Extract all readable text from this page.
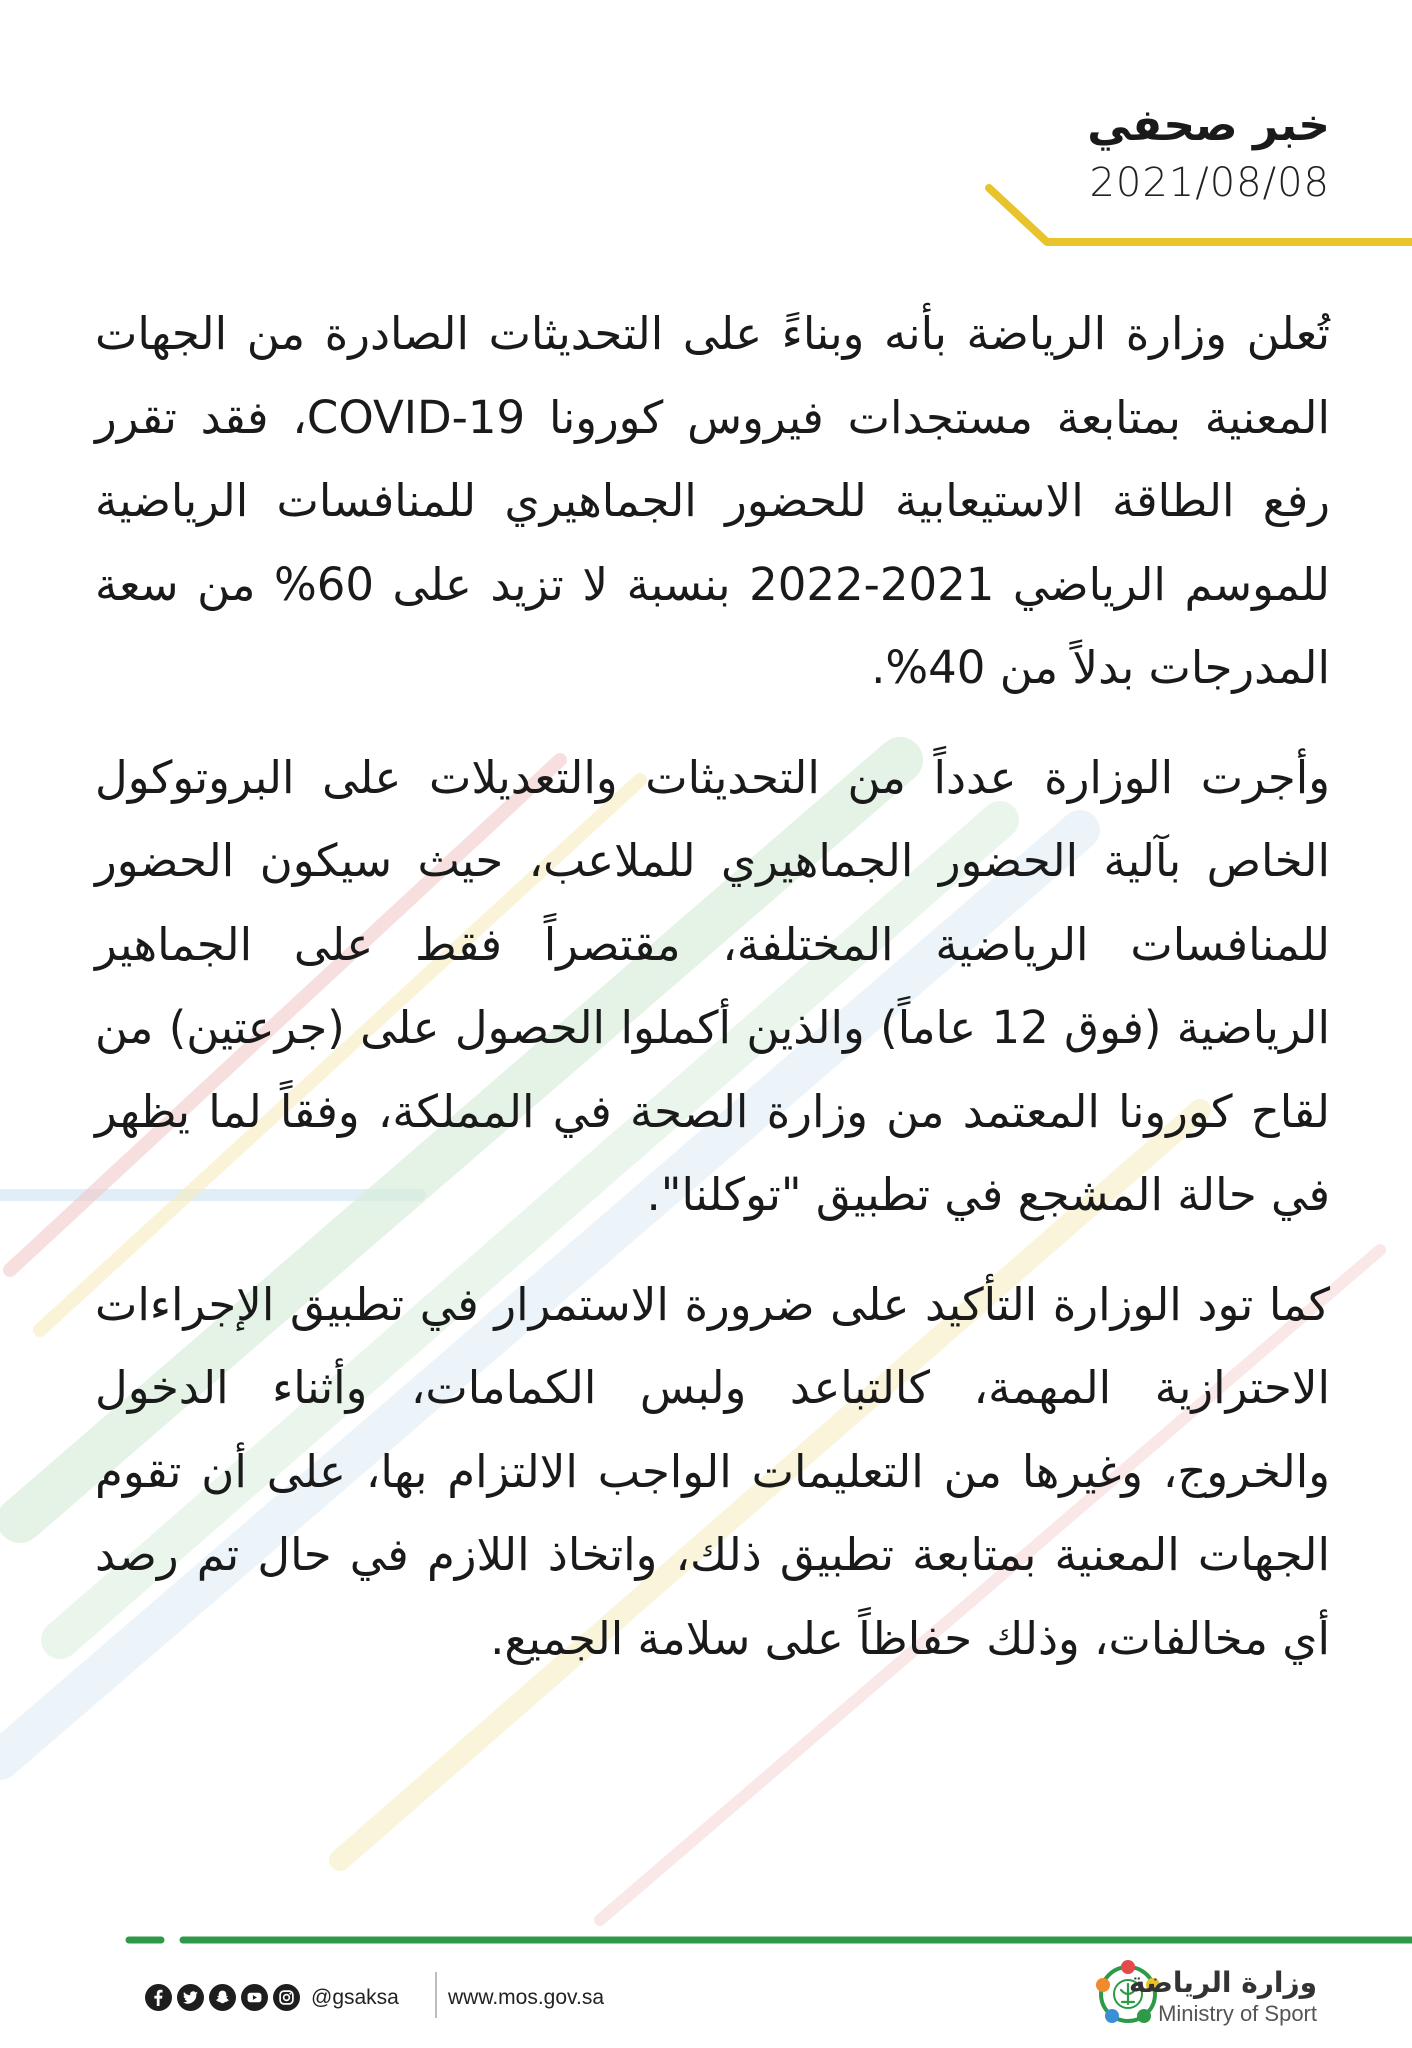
خبر صحفي
2021/08/08

تُعلن وزارة الرياضة بأنه وبناءً على التحديثات الصادرة من الجهات المعنية بمتابعة مستجدات فيروس كورونا COVID-19، فقد تقرر رفع الطاقة الاستيعابية للحضور الجماهيري للمنافسات الرياضية للموسم الرياضي 2021-2022 بنسبة لا تزيد على 60% من سعة المدرجات بدلاً من 40%.

وأجرت الوزارة عدداً من التحديثات والتعديلات على البروتوكول الخاص بآلية الحضور الجماهيري للملاعب، حيث سيكون الحضور للمنافسات الرياضية المختلفة، مقتصراً فقط على الجماهير الرياضية (فوق 12 عاماً) والذين أكملوا الحصول على (جرعتين) من لقاح كورونا المعتمد من وزارة الصحة في المملكة، وفقاً لما يظهر في حالة المشجع في تطبيق "توكلنا".

كما تود الوزارة التأكيد على ضرورة الاستمرار في تطبيق الإجراءات الاحترازية المهمة، كالتباعد ولبس الكمامات، وأثناء الدخول والخروج، وغيرها من التعليمات الواجب الالتزام بها، على أن تقوم الجهات المعنية بمتابعة تطبيق ذلك، واتخاذ اللازم في حال تم رصد أي مخالفات، وذلك حفاظاً على سلامة الجميع.

@gsaksa www.mos.gov.sa	وزارة الرياضة
Ministry of Sport
